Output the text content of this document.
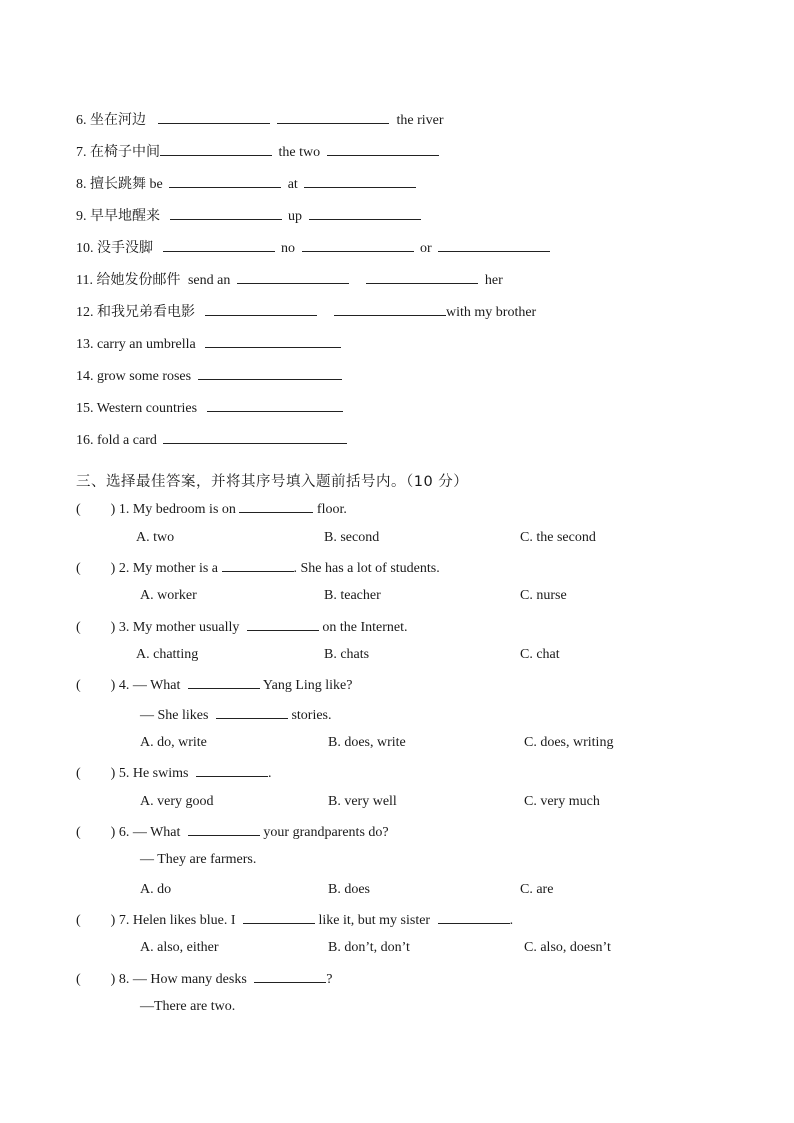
6. 坐在河边	the river
7. 在椅子中间	the two
8. 擅长跳舞 be	at
9. 早早地醒来	up
10. 没手没脚	no	or
11. 给她发份邮件 send an	her
12. 和我兄弟看电影	with my brother
13. carry an umbrella
14. grow some roses
15. Western countries
16. fold a card
三、选择最佳答案，并将其序号填入题前括号内。（10 分）
( ) 1. My bedroom is on	floor.
A. two	B. second	C. the second
( ) 2. My mother is a	. She has a lot of students.
A. worker	B. teacher	C. nurse
( ) 3. My mother usually	on the Internet.
A. chatting	B. chats	C. chat
( ) 4. — What	Yang Ling like?
— She likes	stories.
A. do, write	B. does, write	C. does, writing
( ) 5. He swims	.
A. very good	B. very well	C. very much
( ) 6. — What	your grandparents do?
— They are farmers.
A. do	B. does	C. are
( ) 7. Helen likes blue. I	like it, but my sister	.
A. also, either	B. don’t, don’t	C. also, doesn’t
( ) 8. — How many desks	?
—There are two.
